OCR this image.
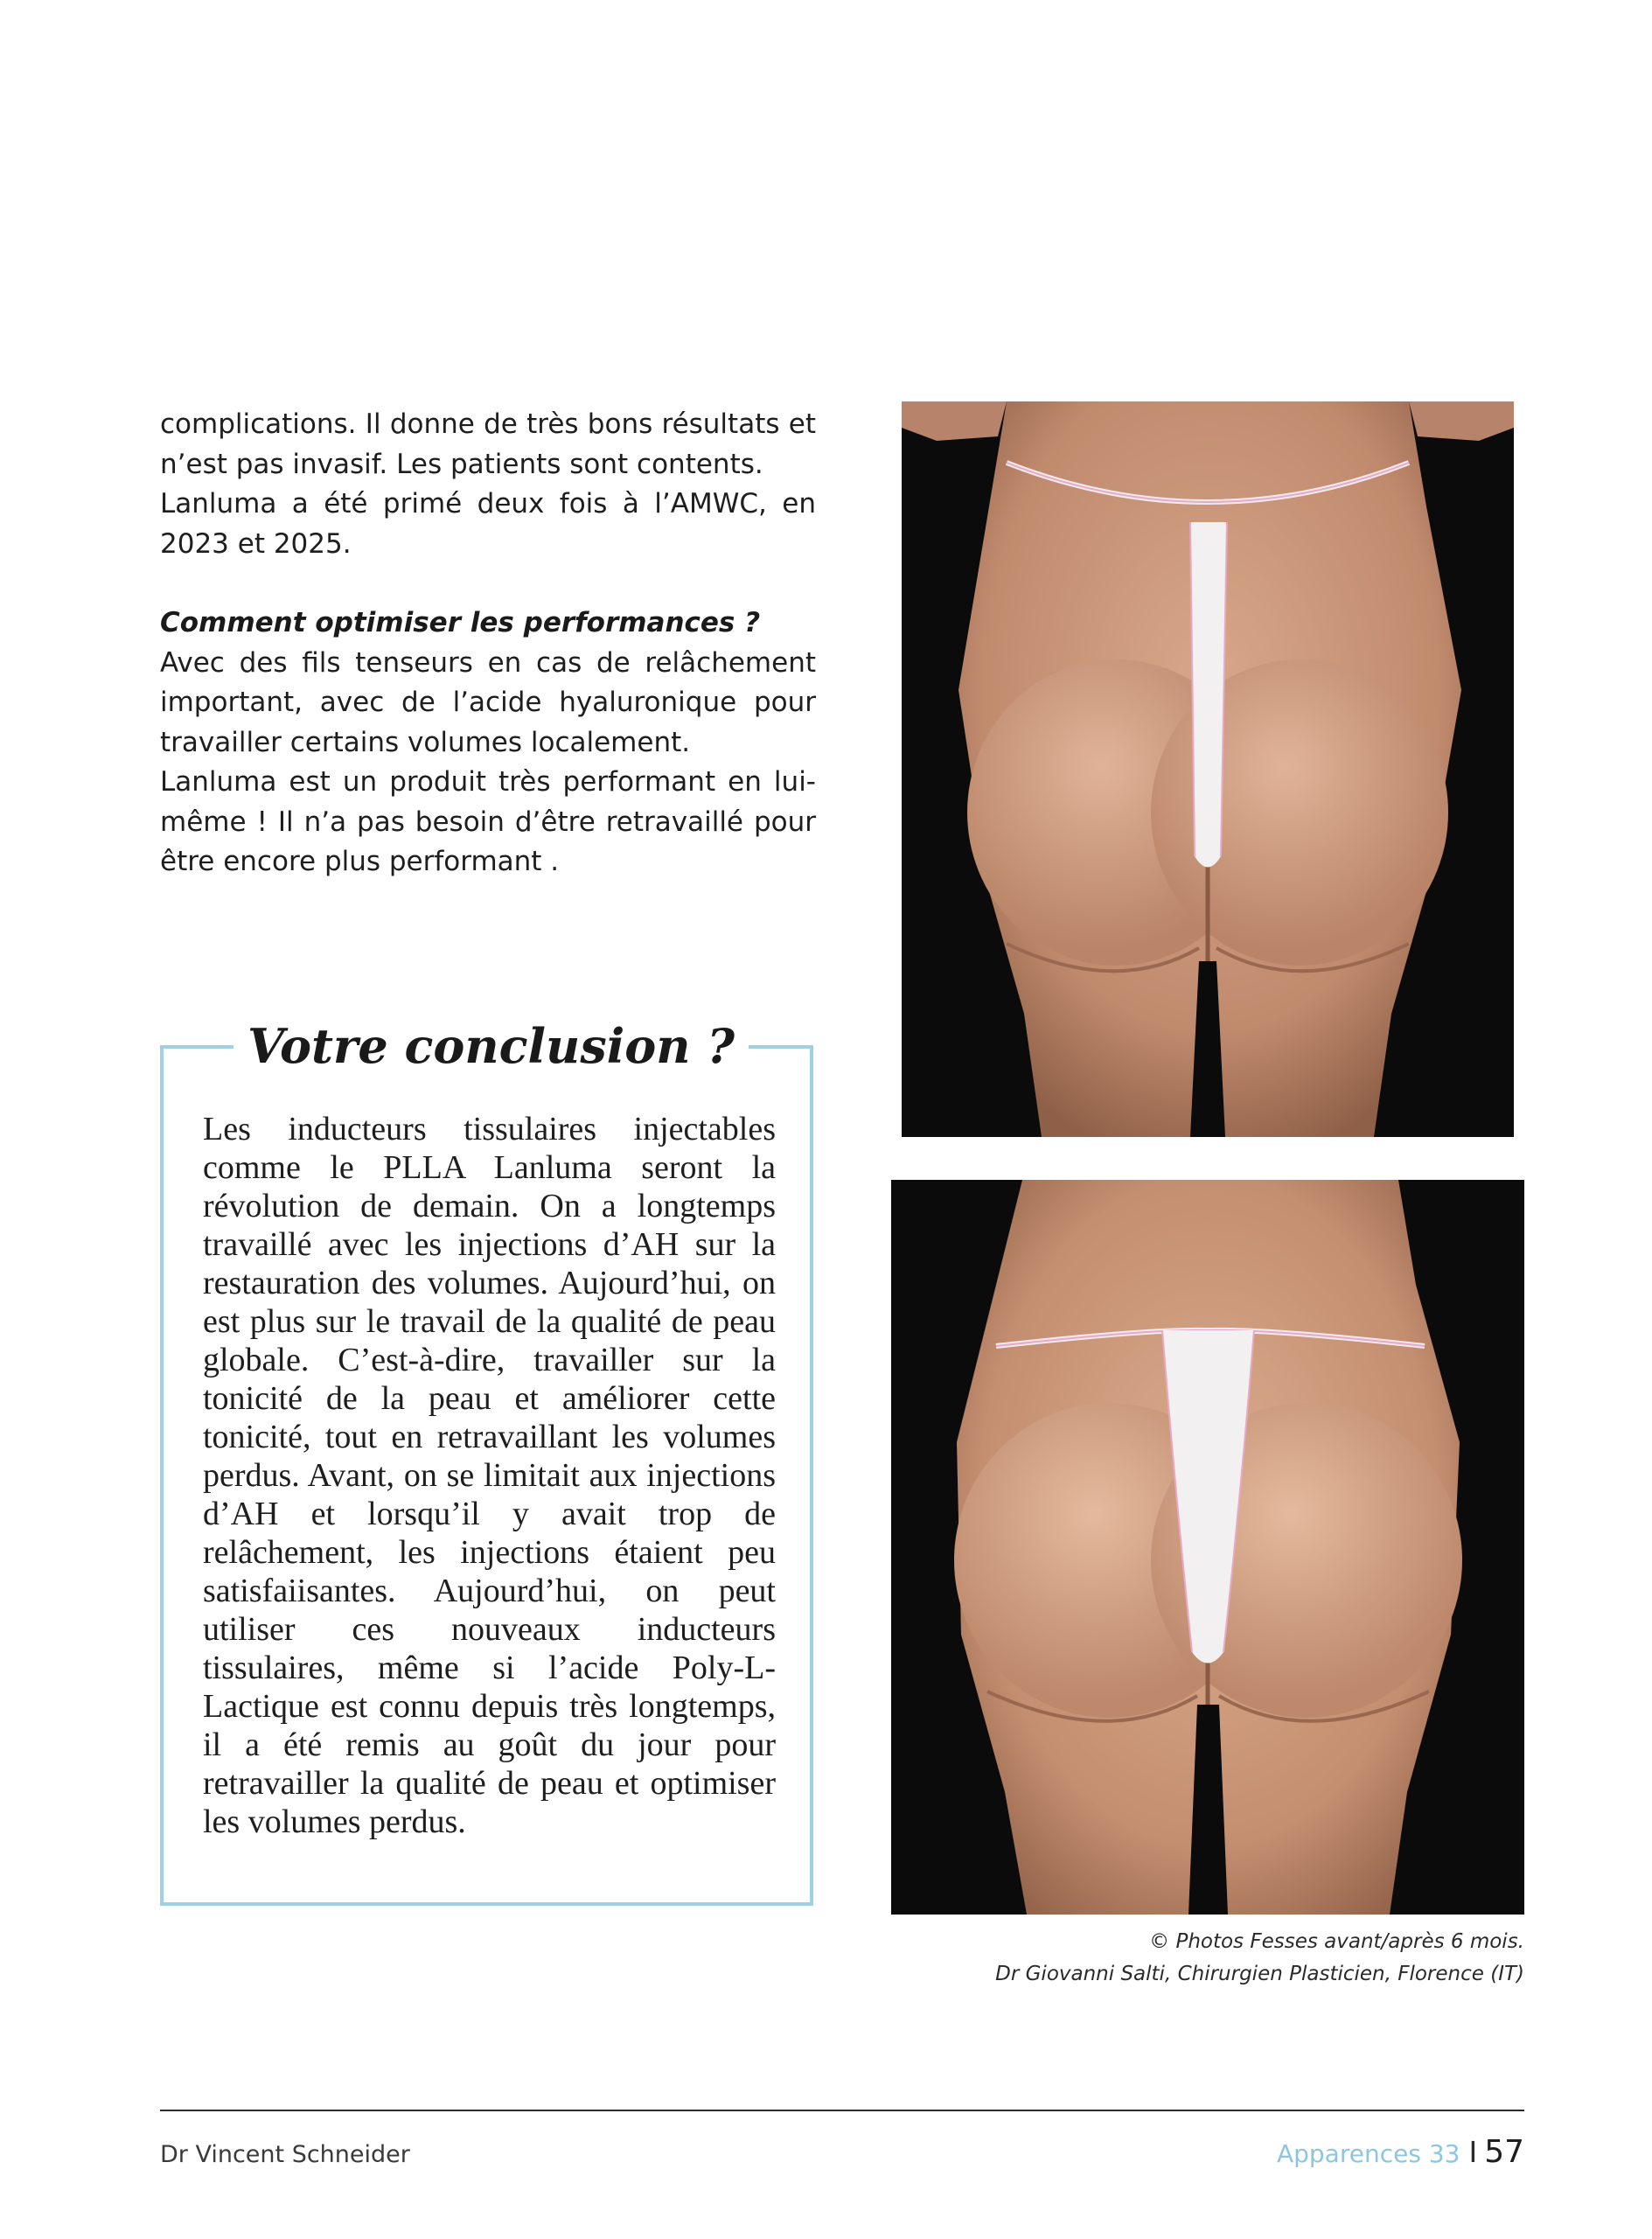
complications. Il donne de très bons résultats et n’est pas invasif. Les patients sont contents.

Lanluma a été primé deux fois à l’AMWC, en 2023 et 2025.

Comment optimiser les performances ?

Avec des fils tenseurs en cas de relâchement important, avec de l’acide hyaluronique pour travailler certains volumes localement.

Lanluma est un produit très performant en lui-même ! Il n’a pas besoin d’être retravaillé pour être encore plus performant .

Votre conclusion ?

Les inducteurs tissulaires injectables comme le PLLA Lanluma seront la révolution de demain. On a longtemps travaillé avec les injections d’AH sur la restauration des volumes. Aujourd’hui, on est plus sur le travail de la qualité de peau globale. C’est-à-dire, travailler sur la tonicité de la peau et améliorer cette tonicité, tout en retravaillant les volumes perdus. Avant, on se limitait aux injections d’AH et lorsqu’il y avait trop de relâchement, les injections étaient peu satisfaiisantes. Aujourd’hui, on peut utiliser ces nouveaux inducteurs tissulaires, même si l’acide Poly-L-Lactique est connu depuis très longtemps, il a été remis au goût du jour pour retravailler la qualité de peau et optimiser les volumes perdus.

© Photos Fesses avant/après 6 mois.
Dr Giovanni Salti, Chirurgien Plasticien, Florence (IT)
Dr Vincent Schneider	Apparences 33 I 57
